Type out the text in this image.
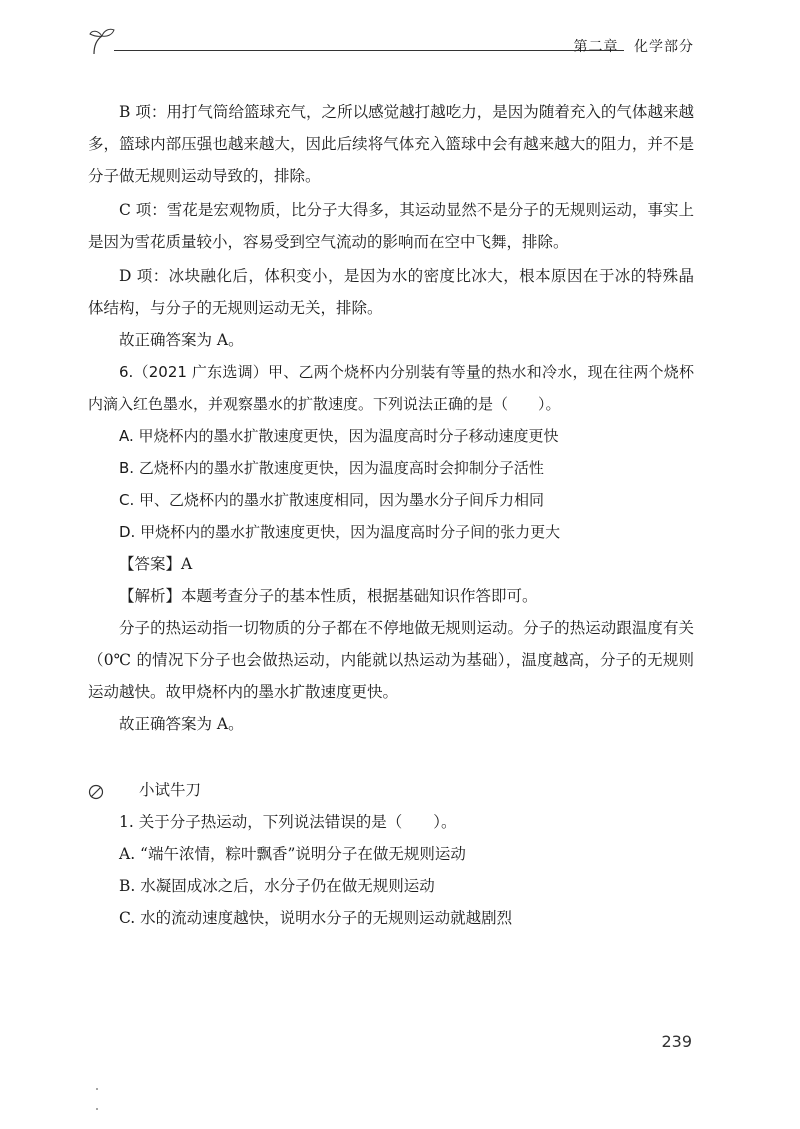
第二章 化学部分

B 项：用打气筒给篮球充气，之所以感觉越打越吃力，是因为随着充入的气体越来越多，篮球内部压强也越来越大，因此后续将气体充入篮球中会有越来越大的阻力，并不是分子做无规则运动导致的，排除。

C 项：雪花是宏观物质，比分子大得多，其运动显然不是分子的无规则运动，事实上是因为雪花质量较小，容易受到空气流动的影响而在空中飞舞，排除。

D 项：冰块融化后，体积变小，是因为水的密度比冰大，根本原因在于冰的特殊晶体结构，与分子的无规则运动无关，排除。

故正确答案为 A。

6.（2021 广东选调）甲、乙两个烧杯内分别装有等量的热水和冷水，现在往两个烧杯内滴入红色墨水，并观察墨水的扩散速度。下列说法正确的是（　　）。

A. 甲烧杯内的墨水扩散速度更快，因为温度高时分子移动速度更快

B. 乙烧杯内的墨水扩散速度更快，因为温度高时会抑制分子活性

C. 甲、乙烧杯内的墨水扩散速度相同，因为墨水分子间斥力相同

D. 甲烧杯内的墨水扩散速度更快，因为温度高时分子间的张力更大

【答案】A

【解析】本题考查分子的基本性质，根据基础知识作答即可。

分子的热运动指一切物质的分子都在不停地做无规则运动。分子的热运动跟温度有关（0℃ 的情况下分子也会做热运动，内能就以热运动为基础），温度越高，分子的无规则运动越快。故甲烧杯内的墨水扩散速度更快。

故正确答案为 A。

小试牛刀

1. 关于分子热运动，下列说法错误的是（　　）。

A. “端午浓情，粽叶飘香”说明分子在做无规则运动

B. 水凝固成冰之后，水分子仍在做无规则运动

C. 水的流动速度越快，说明水分子的无规则运动就越剧烈

239
